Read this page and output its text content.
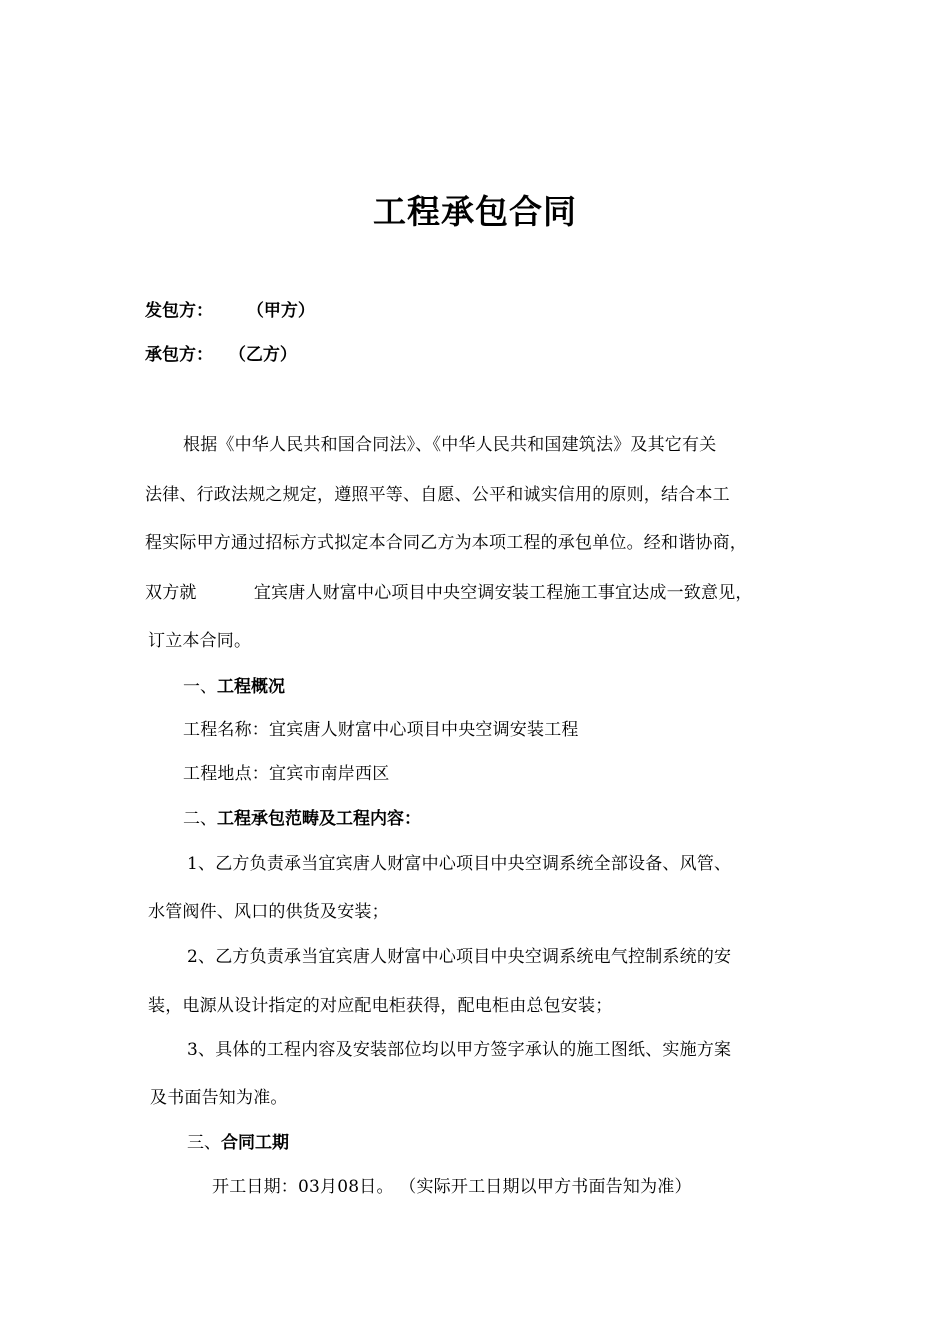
工程承包合同
发包方： （甲方）
承包方： （乙方）
根据《中华人民共和国合同法》、《中华人民共和国建筑法》及其它有关
法律、行政法规之规定，遵照平等、自愿、公平和诚实信用的原则，结合本工
程实际甲方通过招标方式拟定本合同乙方为本项工程的承包单位。经和谐协商，
双方就	宜宾唐人财富中心项目中央空调安装工程施工事宜达成一致意见，
订立本合同。
一、工程概况
工程名称：宜宾唐人财富中心项目中央空调安装工程
工程地点：宜宾市南岸西区
二、工程承包范畴及工程内容：
1、乙方负责承当宜宾唐人财富中心项目中央空调系统全部设备、风管、
水管阀件、风口的供货及安装；
2、乙方负责承当宜宾唐人财富中心项目中央空调系统电气控制系统的安
装，电源从设计指定的对应配电柜获得，配电柜由总包安装；
3、具体的工程内容及安装部位均以甲方签字承认的施工图纸、实施方案
及书面告知为准。
三、合同工期
开工日期：03月08日。 （实际开工日期以甲方书面告知为准）
